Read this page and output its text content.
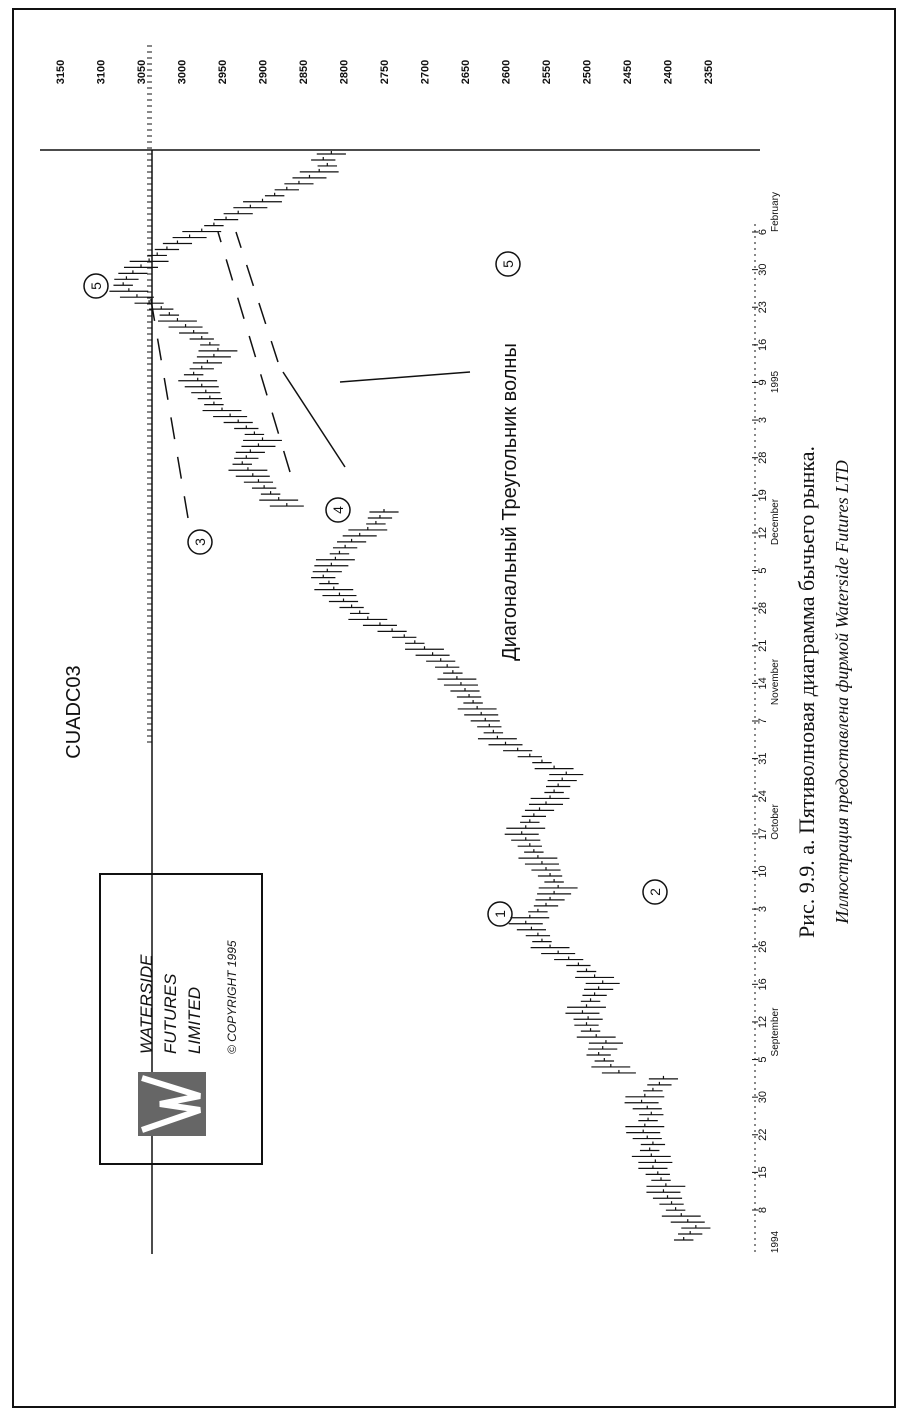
3150	3100	3050	3000	2950	2900	2850	2800	2750	2700	2650	2600	2550	2500	2450	2400	2350
8
15
22
30
5
12
16
26
3
10
17
24
31
7
14
21
28
5
12
19
28
3
9
16
23
30
6
1994
September
October
November
December
1995
February
1
2
3
4
5
5
CUADC03
WATERSIDE FUTURES LIMITED © COPYRIGHT 1995
Диагональный Треугольник волны	Рис. 9.9. а. Пятиволновая диаграмма бычьего рынка. Иллюстрация предоставлена фирмой Waterside Futures LTD
